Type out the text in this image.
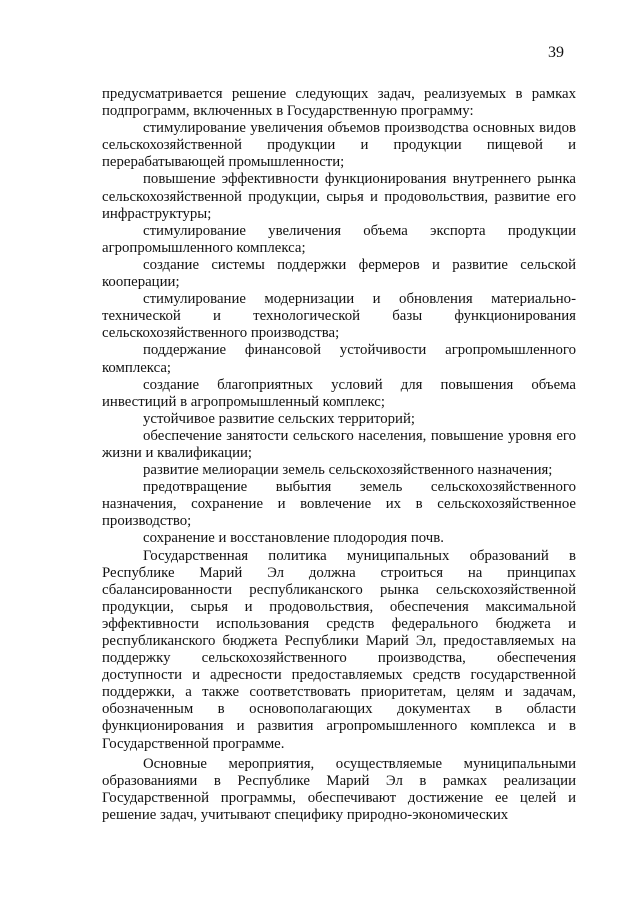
39

предусматривается решение следующих задач, реализуемых в рамках подпрограмм, включенных в Государственную программу:

стимулирование увеличения объемов производства основных видов сельскохозяйственной продукции и продукции пищевой и перерабатывающей промышленности;

повышение эффективности функционирования внутреннего рынка сельскохозяйственной продукции, сырья и продовольствия, развитие его инфраструктуры;

стимулирование увеличения объема экспорта продукции агропромышленного комплекса;

создание системы поддержки фермеров и развитие сельской кооперации;

стимулирование модернизации и обновления материально-технической и технологической базы функционирования сельскохозяйственного производства;

поддержание финансовой устойчивости агропромышленного комплекса;

создание благоприятных условий для повышения объема инвестиций в агропромышленный комплекс;

устойчивое развитие сельских территорий;

обеспечение занятости сельского населения, повышение уровня его жизни и квалификации;

развитие мелиорации земель сельскохозяйственного назначения;

предотвращение выбытия земель сельскохозяйственного назначения, сохранение и вовлечение их в сельскохозяйственное производство;

сохранение и восстановление плодородия почв.

Государственная политика муниципальных образований в Республике Марий Эл должна строиться на принципах сбалансированности республиканского рынка сельскохозяйственной продукции, сырья и продовольствия, обеспечения максимальной эффективности использования средств федерального бюджета и республиканского бюджета Республики Марий Эл, предоставляемых на поддержку сельскохозяйственного производства, обеспечения доступности и адресности предоставляемых средств государственной поддержки, а также соответствовать приоритетам, целям и задачам, обозначенным в основополагающих документах в области функционирования и развития агропромышленного комплекса и в Государственной программе.

Основные мероприятия, осуществляемые муниципальными образованиями в Республике Марий Эл в рамках реализации Государственной программы, обеспечивают достижение ее целей и решение задач, учитывают специфику природно-экономических
